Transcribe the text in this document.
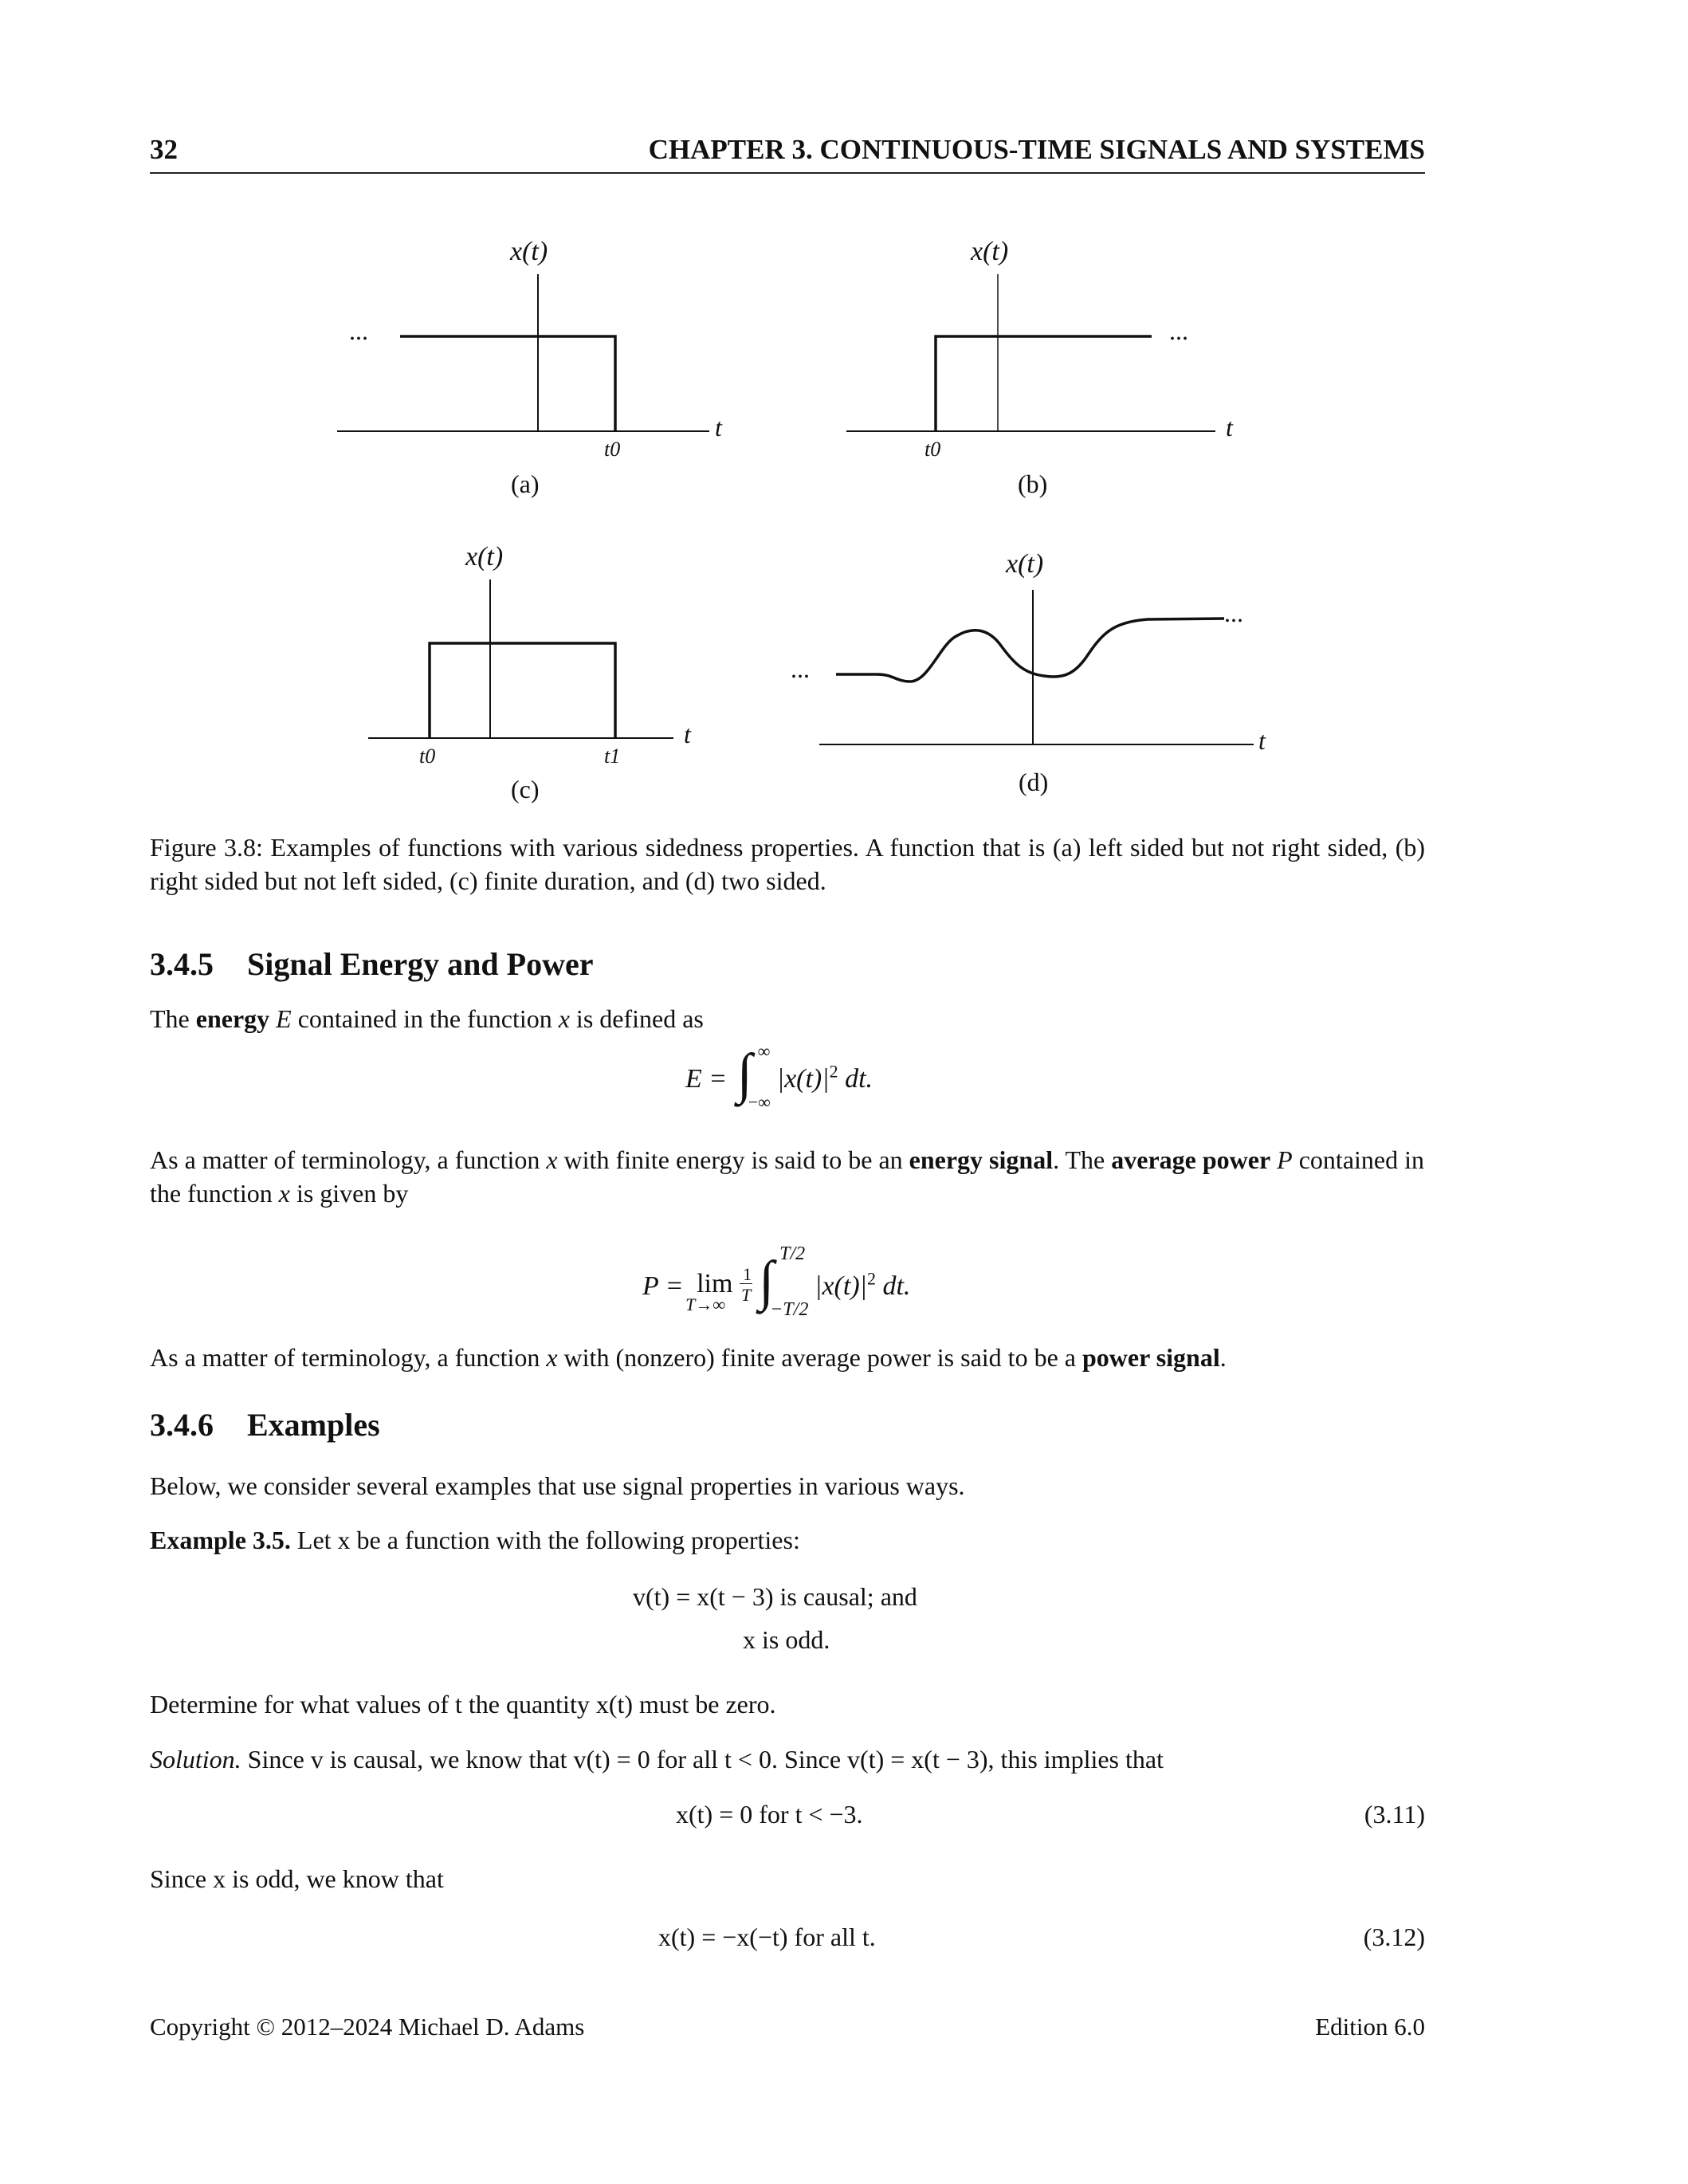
32	CHAPTER 3. CONTINUOUS-TIME SIGNALS AND SYSTEMS
x(t)	x(t)
x(t)	x(t)
t	t
t	t
...	...
...
...
t0	t0
t0	t1
(a)	(b)
(c)	(d)
Figure 3.8: Examples of functions with various sidedness properties. A function that is (a) left sided but not right sided, (b) right sided but not left sided, (c) finite duration, and (d) two sided.
3.4.5 Signal Energy and Power
The energy E contained in the function x is defined as
E = ∫ ∞
−∞
$|x(t)|^2$ dt.
As a matter of terminology, a function x with finite energy is said to be an energy signal. The average power P contained in the function x is given by
P = lim
T→∞
$\frac{1}{T}$ ∫ T/2
−T/2
$|x(t)|^2$ dt.
As a matter of terminology, a function x with (nonzero) finite average power is said to be a power signal.
3.4.6 Examples
Below, we consider several examples that use signal properties in various ways.
Example 3.5. Let x be a function with the following properties:
v(t) = x(t − 3) is causal; and
x is odd.
Determine for what values of t the quantity x(t) must be zero.
Solution. Since v is causal, we know that v(t) = 0 for all t < 0. Since v(t) = x(t − 3), this implies that
x(t) = 0 for t < −3.	(3.11)
Since x is odd, we know that
x(t) = −x(−t) for all t.	(3.12)
Copyright © 2012–2024 Michael D. Adams	Edition 6.0
